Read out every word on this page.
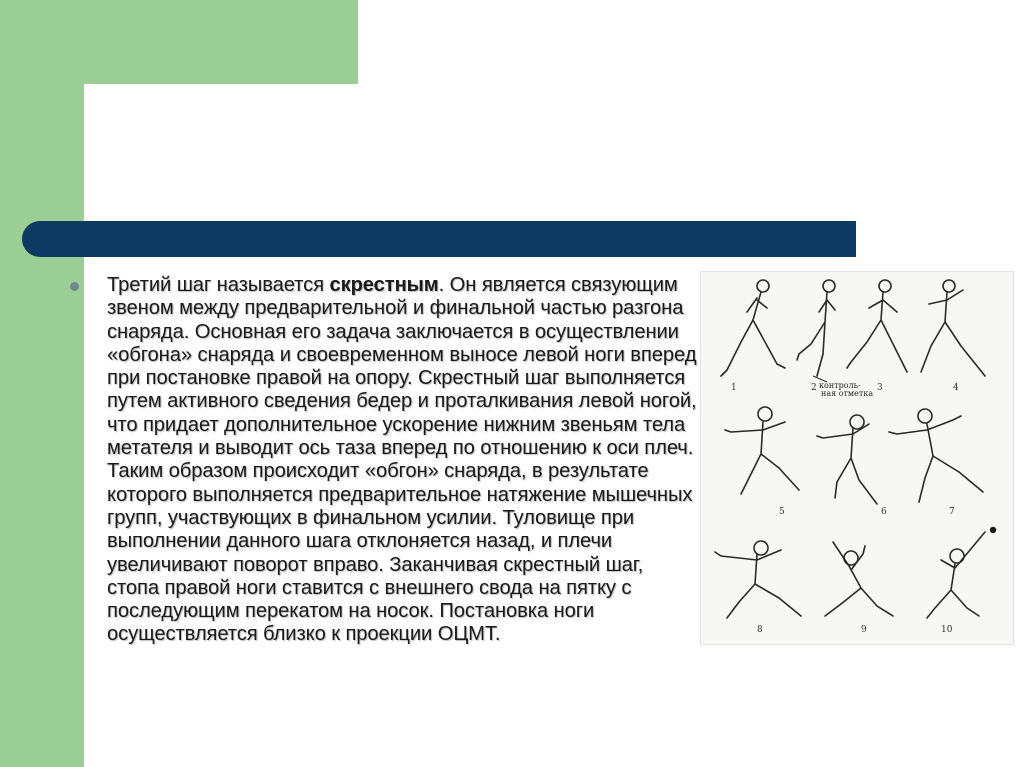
Третий шаг называется скрестным. Он является связующим звеном между предварительной и финальной частью разгона снаряда. Основная его задача заключается в осуществлении «обгона» снаряда и своевременном выносе левой ноги вперед при постановке правой на опору. Скрестный шаг выполняется путем активного сведения бедер и проталкивания левой ногой, что придает дополнительное ускорение нижним звеньям тела метателя и выводит ось таза вперед по отношению к оси плеч. Таким образом происходит «обгон» снаряда, в результате которого выполняется предварительное натяжение мышечных групп, участвующих в финальном усилии. Туловище при выполнении данного шага отклоняется назад, и плечи увеличивают поворот вправо. Заканчивая скрестный шаг, стопа правой ноги ставится с внешнего свода на пятку с последующим перекатом на носок. Постановка ноги осуществляется близко к проекции ОЦМТ.

контроль-
ная отметка
1	2	3	4
5	6	7
8	9	10
